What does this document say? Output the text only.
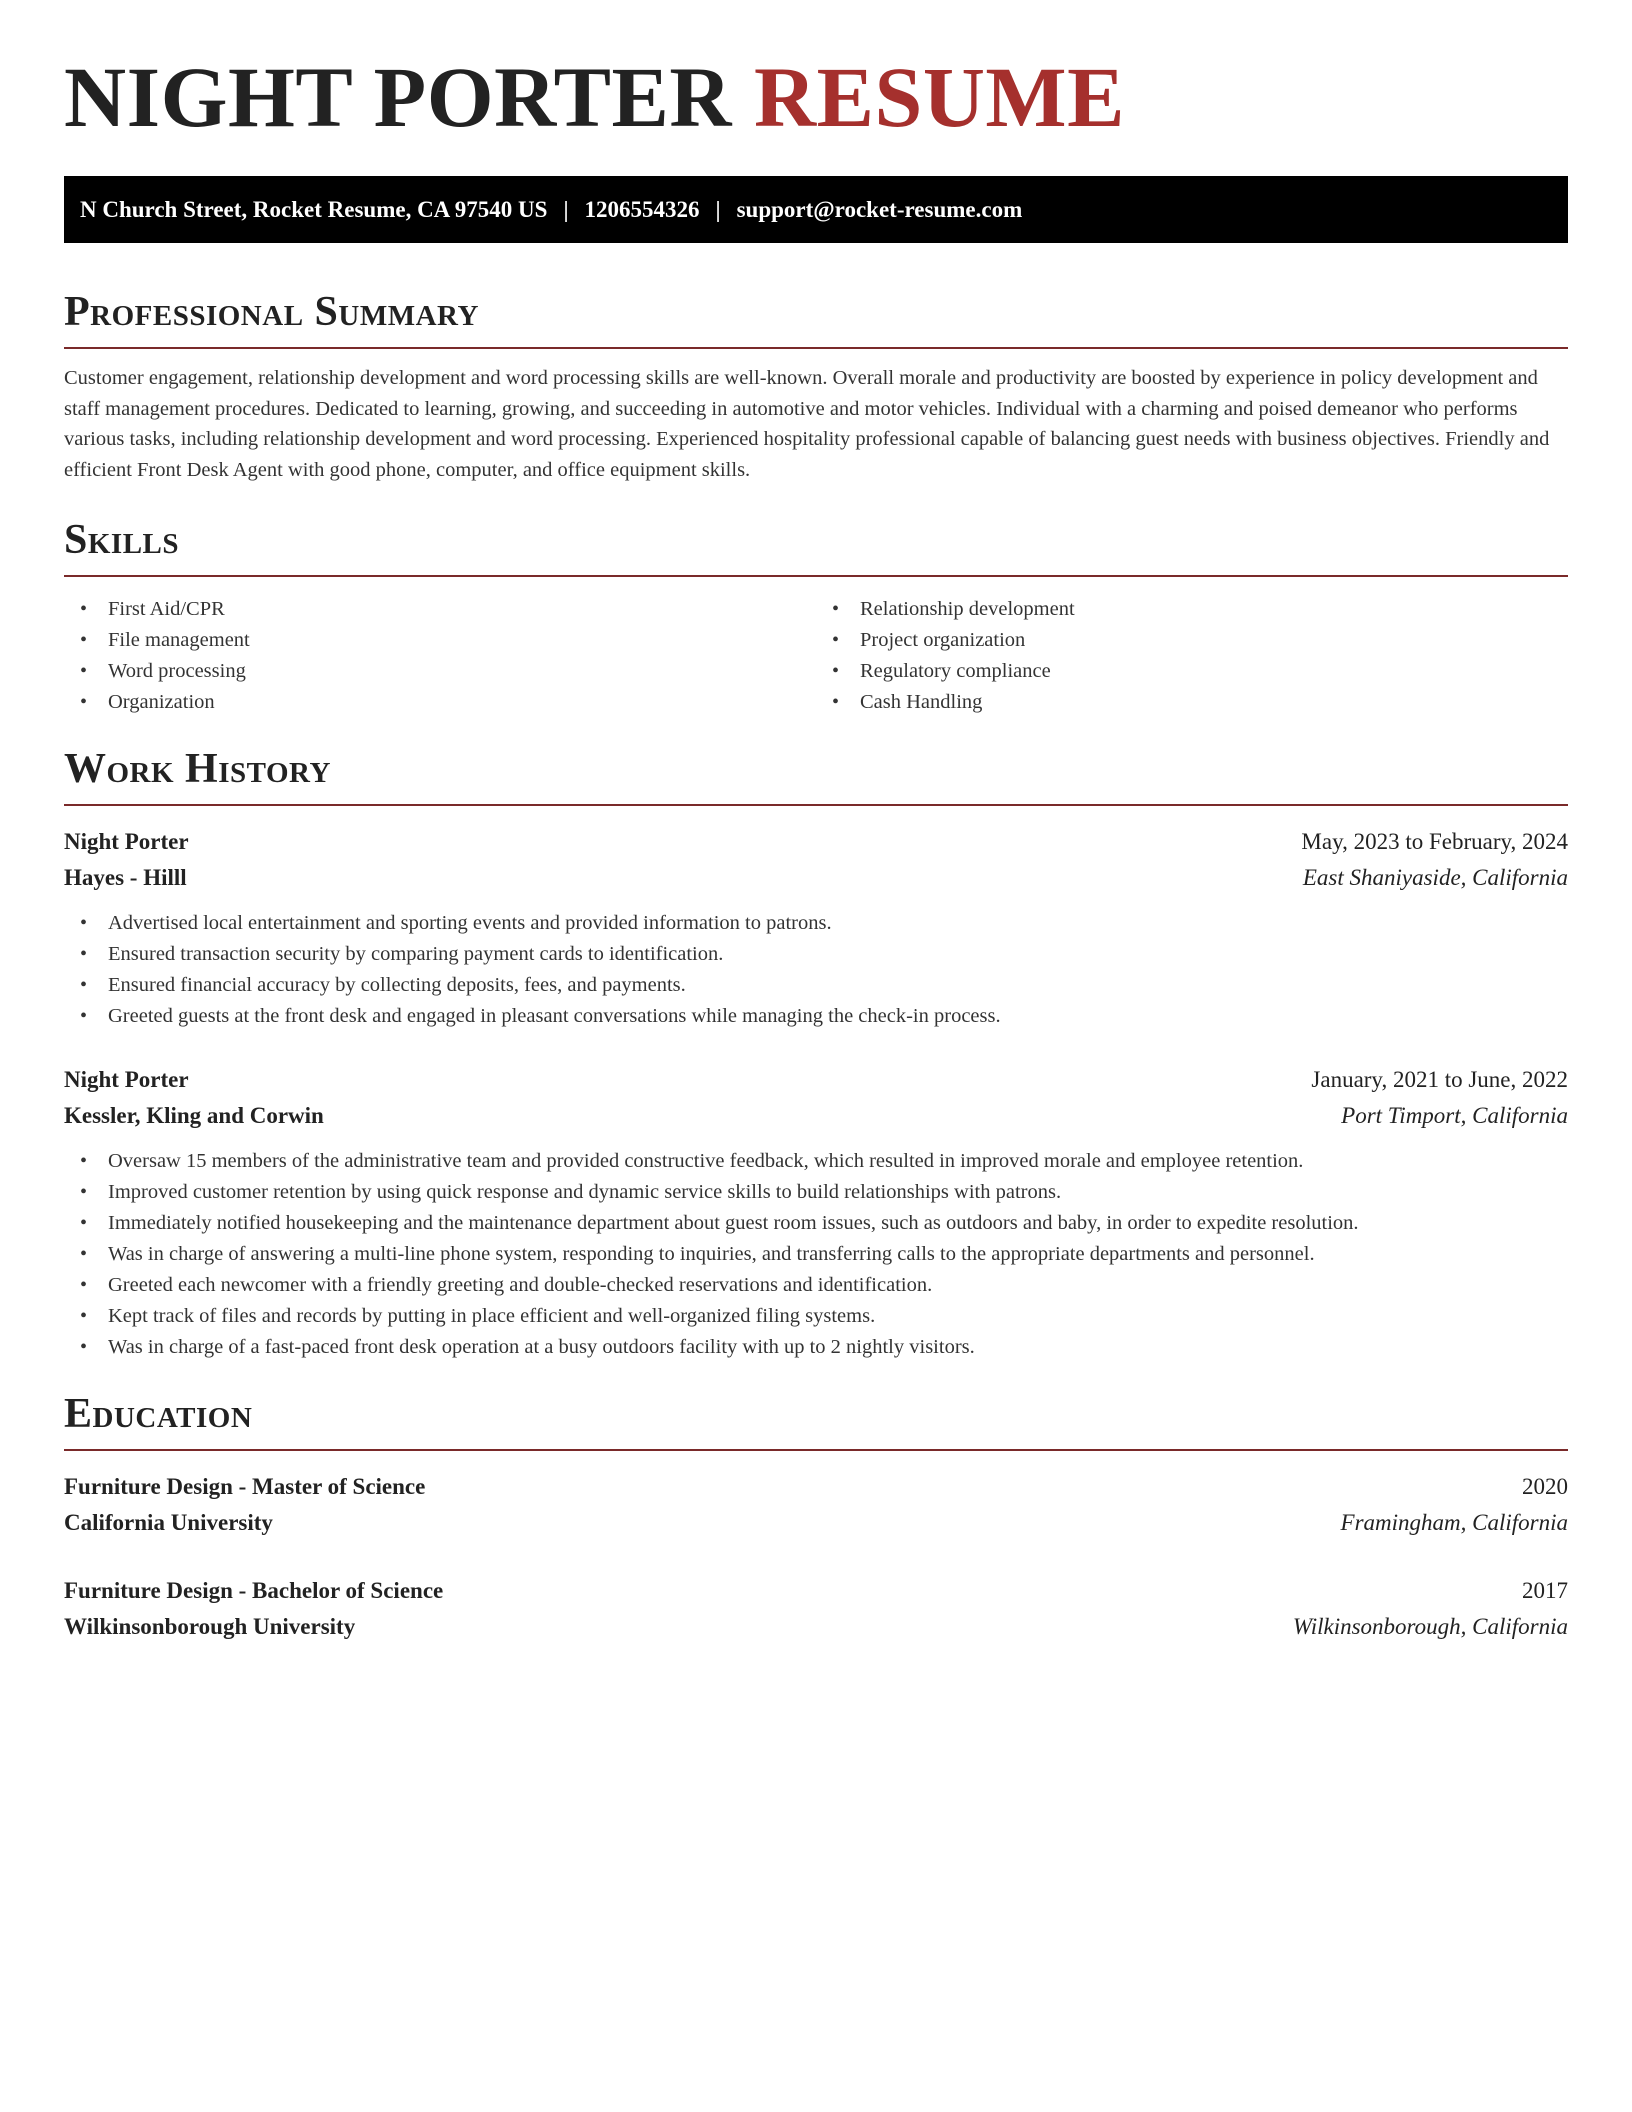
NIGHT PORTER RESUME
N Church Street, Rocket Resume, CA 97540 US | 1206554326 | support@rocket-resume.com
Professional Summary

Customer engagement, relationship development and word processing skills are well-known. Overall morale and productivity are boosted by experience in policy development and staff management procedures. Dedicated to learning, growing, and succeeding in automotive and motor vehicles. Individual with a charming and poised demeanor who performs various tasks, including relationship development and word processing. Experienced hospitality professional capable of balancing guest needs with business objectives. Friendly and efficient Front Desk Agent with good phone, computer, and office equipment skills.

Skills
• First Aid/CPR
• File management
• Word processing
• Organization
• Relationship development
• Project organization
• Regulatory compliance
• Cash Handling
Work History
Night Porter	May, 2023 to February, 2024
Hayes - Hilll	East Shaniyaside, California
• Advertised local entertainment and sporting events and provided information to patrons.
• Ensured transaction security by comparing payment cards to identification.
• Ensured financial accuracy by collecting deposits, fees, and payments.
• Greeted guests at the front desk and engaged in pleasant conversations while managing the check-in process.
Night Porter	January, 2021 to June, 2022
Kessler, Kling and Corwin	Port Timport, California
• Oversaw 15 members of the administrative team and provided constructive feedback, which resulted in improved morale and employee retention.
• Improved customer retention by using quick response and dynamic service skills to build relationships with patrons.
• Immediately notified housekeeping and the maintenance department about guest room issues, such as outdoors and baby, in order to expedite resolution.
• Was in charge of answering a multi-line phone system, responding to inquiries, and transferring calls to the appropriate departments and personnel.
• Greeted each newcomer with a friendly greeting and double-checked reservations and identification.
• Kept track of files and records by putting in place efficient and well-organized filing systems.
• Was in charge of a fast-paced front desk operation at a busy outdoors facility with up to 2 nightly visitors.
Education
Furniture Design - Master of Science	2020
California University	Framingham, California
Furniture Design - Bachelor of Science	2017
Wilkinsonborough University	Wilkinsonborough, California
